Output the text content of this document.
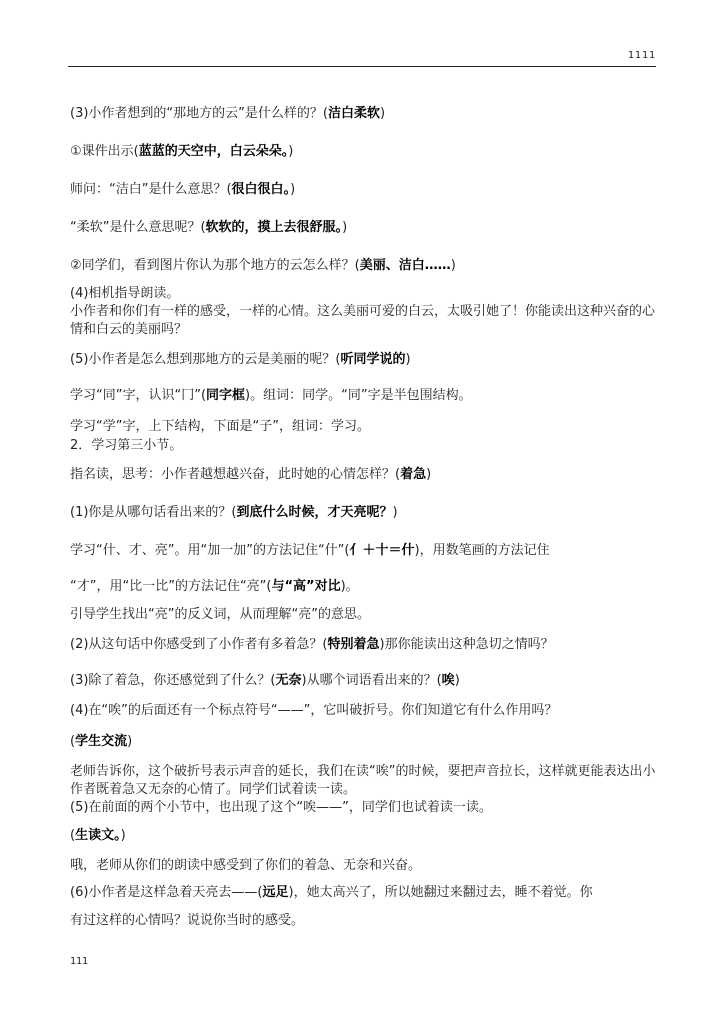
1111
(3)小作者想到的“那地方的云”是什么样的？(洁白柔软)
①课件出示(蓝蓝的天空中，白云朵朵。)
师问：“洁白”是什么意思？(很白很白。)
“柔软”是什么意思呢？(软软的，摸上去很舒服。)
②同学们，看到图片你认为那个地方的云怎么样？(美丽、洁白……)
(4)相机指导朗读。
小作者和你们有一样的感受，一样的心情。这么美丽可爱的白云，太吸引她了！你能读出这种兴奋的心情和白云的美丽吗？
(5)小作者是怎么想到那地方的云是美丽的呢？(听同学说的)
学习“同”字，认识“冂”(同字框)。组词：同学。“同”字是半包围结构。
学习“学”字，上下结构，下面是“子”，组词：学习。
2．学习第三小节。
指名读，思考：小作者越想越兴奋，此时她的心情怎样？(着急)
(1)你是从哪句话看出来的？(到底什么时候，才天亮呢？)
学习“什、才、亮”。用“加一加”的方法记住“什”(亻＋十＝什)，用数笔画的方法记住
“才”，用“比一比”的方法记住“亮”(与“高”对比)。
引导学生找出“亮”的反义词，从而理解“亮”的意思。
(2)从这句话中你感受到了小作者有多着急？(特别着急)那你能读出这种急切之情吗？
(3)除了着急，你还感觉到了什么？(无奈)从哪个词语看出来的？(唉)
(4)在“唉”的后面还有一个标点符号“——”，它叫破折号。你们知道它有什么作用吗？
(学生交流)
老师告诉你，这个破折号表示声音的延长，我们在读“唉”的时候，要把声音拉长，这样就更能表达出小作者既着急又无奈的心情了。同学们试着读一读。
(5)在前面的两个小节中，也出现了这个“唉——”，同学们也试着读一读。
(生读文。)
哦，老师从你们的朗读中感受到了你们的着急、无奈和兴奋。
(6)小作者是这样急着天亮去——(远足)，她太高兴了，所以她翻过来翻过去，睡不着觉。你
有过这样的心情吗？说说你当时的感受。
111
